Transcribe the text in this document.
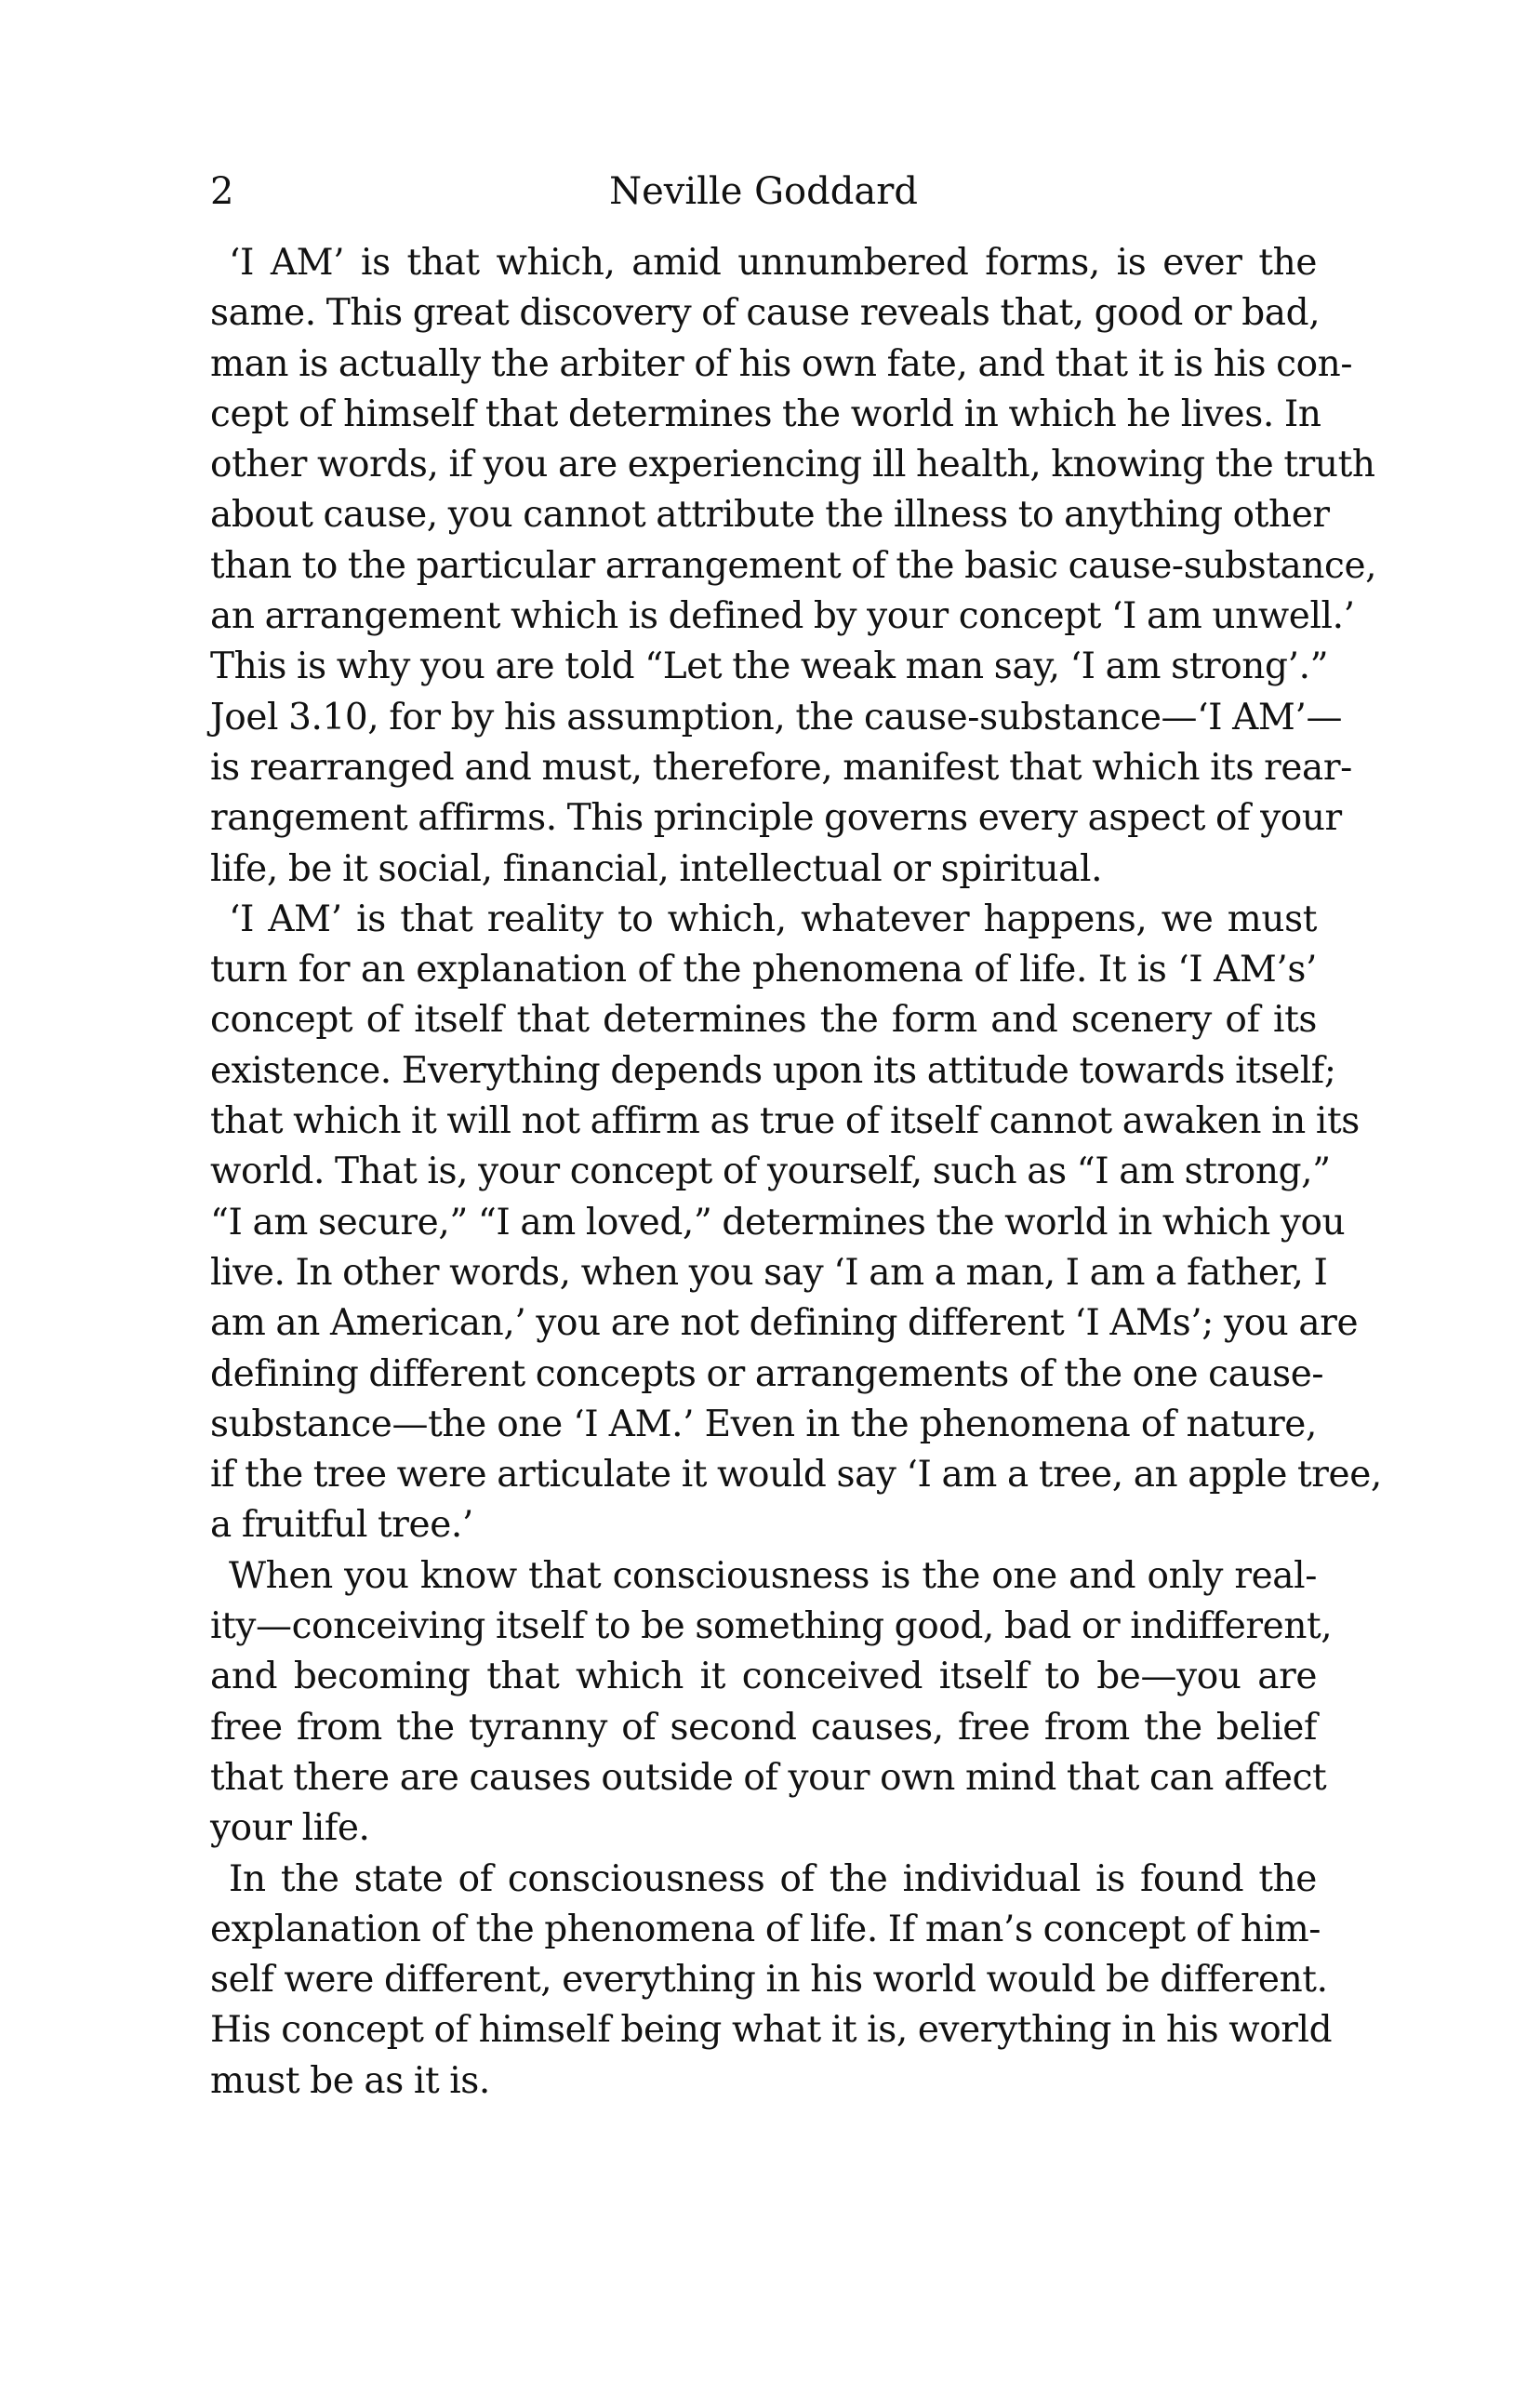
2	Neville Goddard

‘I AM’ is that which, amid unnumbered forms, is ever the
same. This great discovery of cause reveals that, good or bad,
man is actually the arbiter of his own fate, and that it is his con-
cept of himself that determines the world in which he lives. In
other words, if you are experiencing ill health, knowing the truth
about cause, you cannot attribute the illness to anything other
than to the particular arrangement of the basic cause-substance,
an arrangement which is defined by your concept ‘I am unwell.’
This is why you are told “Let the weak man say, ‘I am strong’.”
Joel 3.10, for by his assumption, the cause-substance—‘I AM’—
is rearranged and must, therefore, manifest that which its rear-
rangement affirms. This principle governs every aspect of your
life, be it social, financial, intellectual or spiritual.

‘I AM’ is that reality to which, whatever happens, we must
turn for an explanation of the phenomena of life. It is ‘I AM’s’
concept of itself that determines the form and scenery of its
existence. Everything depends upon its attitude towards itself;
that which it will not affirm as true of itself cannot awaken in its
world. That is, your concept of yourself, such as “I am strong,”
“I am secure,” “I am loved,” determines the world in which you
live. In other words, when you say ‘I am a man, I am a father, I
am an American,’ you are not defining different ‘I AMs’; you are
defining different concepts or arrangements of the one cause-
substance—the one ‘I AM.’ Even in the phenomena of nature,
if the tree were articulate it would say ‘I am a tree, an apple tree,
a fruitful tree.’

When you know that consciousness is the one and only real-
ity—conceiving itself to be something good, bad or indifferent,
and becoming that which it conceived itself to be—you are
free from the tyranny of second causes, free from the belief
that there are causes outside of your own mind that can affect
your life.

In the state of consciousness of the individual is found the
explanation of the phenomena of life. If man’s concept of him-
self were different, everything in his world would be different.
His concept of himself being what it is, everything in his world
must be as it is.
